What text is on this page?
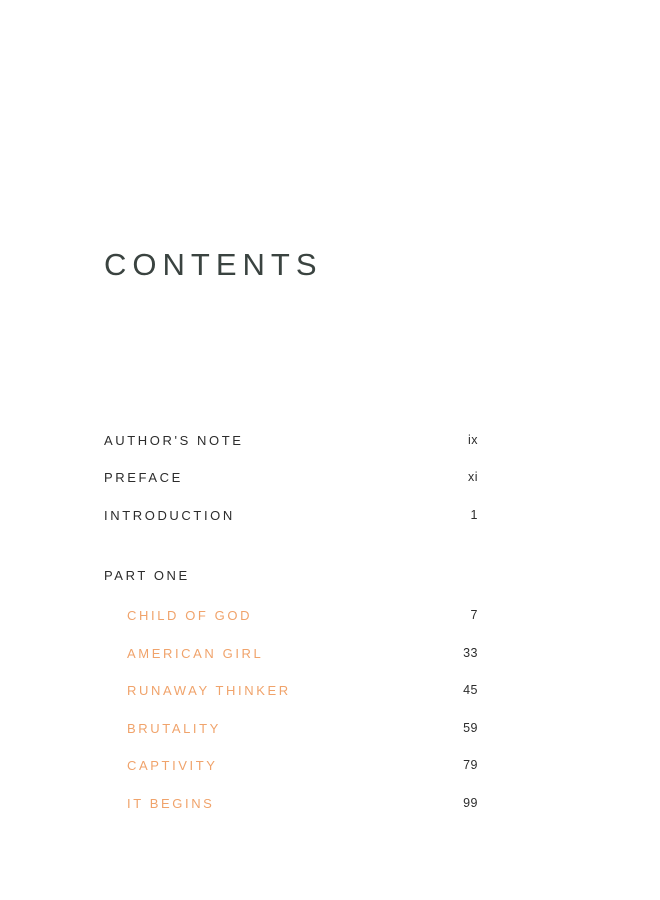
CONTENTS
AUTHOR'S NOTE	ix
PREFACE	xi
INTRODUCTION	1
PART ONE
CHILD OF GOD	7
AMERICAN GIRL	33
RUNAWAY THINKER	45
BRUTALITY	59
CAPTIVITY	79
IT BEGINS	99
